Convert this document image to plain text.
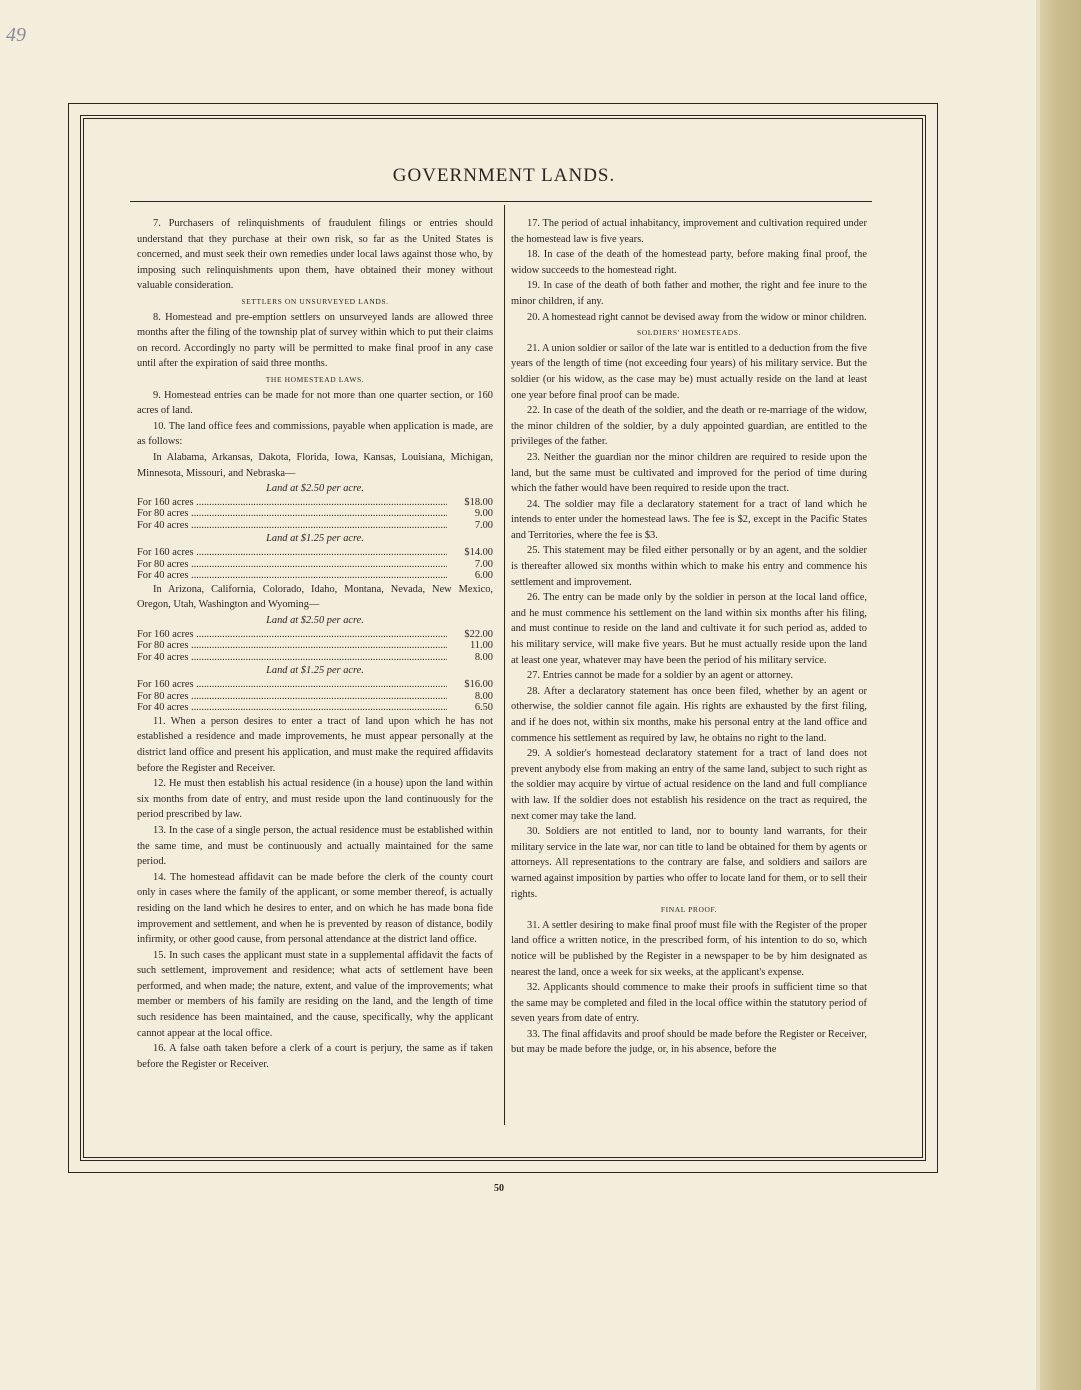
49
GOVERNMENT LANDS.

7. Purchasers of relinquishments of fraudulent filings or entries should understand that they purchase at their own risk, so far as the United States is concerned, and must seek their own remedies under local laws against those who, by imposing such relinquishments upon them, have obtained their money without valuable consideration.

SETTLERS ON UNSURVEYED LANDS.

8. Homestead and pre-emption settlers on unsurveyed lands are allowed three months after the filing of the township plat of survey within which to put their claims on record. Accordingly no party will be permitted to make final proof in any case until after the expiration of said three months.

THE HOMESTEAD LAWS.

9. Homestead entries can be made for not more than one quarter section, or 160 acres of land.

10. The land office fees and commissions, payable when application is made, are as follows:

In Alabama, Arkansas, Dakota, Florida, Iowa, Kansas, Louisiana, Michigan, Minnesota, Missouri, and Nebraska—

Land at $2.50 per acre.

For 160 acres .....	$18.00
For 80 acres .....	9.00
For 40 acres .....	7.00

Land at $1.25 per acre.

For 160 acres .....	$14.00
For 80 acres .....	7.00
For 40 acres .....	6.00

In Arizona, California, Colorado, Idaho, Montana, Nevada, New Mexico, Oregon, Utah, Washington and Wyoming—

Land at $2.50 per acre.

For 160 acres .....	$22.00
For 80 acres .....	11.00
For 40 acres .....	8.00

Land at $1.25 per acre.

For 160 acres .....	$16.00
For 80 acres .....	8.00
For 40 acres .....	6.50

11. When a person desires to enter a tract of land upon which he has not established a residence and made improvements, he must appear personally at the district land office and present his application, and must make the required affidavits before the Register and Receiver.

12. He must then establish his actual residence (in a house) upon the land within six months from date of entry, and must reside upon the land continuously for the period prescribed by law.

13. In the case of a single person, the actual residence must be established within the same time, and must be continuously and actually maintained for the same period.

14. The homestead affidavit can be made before the clerk of the county court only in cases where the family of the applicant, or some member thereof, is actually residing on the land which he desires to enter, and on which he has made bona fide improvement and settlement, and when he is prevented by reason of distance, bodily infirmity, or other good cause, from personal attendance at the district land office.

15. In such cases the applicant must state in a supplemental affidavit the facts of such settlement, improvement and residence; what acts of settlement have been performed, and when made; the nature, extent, and value of the improvements; what member or members of his family are residing on the land, and the length of time such residence has been maintained, and the cause, specifically, why the applicant cannot appear at the local office.

16. A false oath taken before a clerk of a court is perjury, the same as if taken before the Register or Receiver.

17. The period of actual inhabitancy, improvement and cultivation required under the homestead law is five years.

18. In case of the death of the homestead party, before making final proof, the widow succeeds to the homestead right.

19. In case of the death of both father and mother, the right and fee inure to the minor children, if any.

20. A homestead right cannot be devised away from the widow or minor children.

SOLDIERS' HOMESTEADS.

21. A union soldier or sailor of the late war is entitled to a deduction from the five years of the length of time (not exceeding four years) of his military service. But the soldier (or his widow, as the case may be) must actually reside on the land at least one year before final proof can be made.

22. In case of the death of the soldier, and the death or re-marriage of the widow, the minor children of the soldier, by a duly appointed guardian, are entitled to the privileges of the father.

23. Neither the guardian nor the minor children are required to reside upon the land, but the same must be cultivated and improved for the period of time during which the father would have been required to reside upon the tract.

24. The soldier may file a declaratory statement for a tract of land which he intends to enter under the homestead laws. The fee is $2, except in the Pacific States and Territories, where the fee is $3.

25. This statement may be filed either personally or by an agent, and the soldier is thereafter allowed six months within which to make his entry and commence his settlement and improvement.

26. The entry can be made only by the soldier in person at the local land office, and he must commence his settlement on the land within six months after his filing, and must continue to reside on the land and cultivate it for such period as, added to his military service, will make five years. But he must actually reside upon the land at least one year, whatever may have been the period of his military service.

27. Entries cannot be made for a soldier by an agent or attorney.

28. After a declaratory statement has once been filed, whether by an agent or otherwise, the soldier cannot file again. His rights are exhausted by the first filing, and if he does not, within six months, make his personal entry at the land office and commence his settlement as required by law, he obtains no right to the land.

29. A soldier's homestead declaratory statement for a tract of land does not prevent anybody else from making an entry of the same land, subject to such right as the soldier may acquire by virtue of actual residence on the land and full compliance with law. If the soldier does not establish his residence on the tract as required, the next comer may take the land.

30. Soldiers are not entitled to land, nor to bounty land warrants, for their military service in the late war, nor can title to land be obtained for them by agents or attorneys. All representations to the contrary are false, and soldiers and sailors are warned against imposition by parties who offer to locate land for them, or to sell their rights.

FINAL PROOF.

31. A settler desiring to make final proof must file with the Register of the proper land office a written notice, in the prescribed form, of his intention to do so, which notice will be published by the Register in a newspaper to be by him designated as nearest the land, once a week for six weeks, at the applicant's expense.

32. Applicants should commence to make their proofs in sufficient time so that the same may be completed and filed in the local office within the statutory period of seven years from date of entry.

33. The final affidavits and proof should be made before the Register or Receiver, but may be made before the judge, or, in his absence, before the

50
